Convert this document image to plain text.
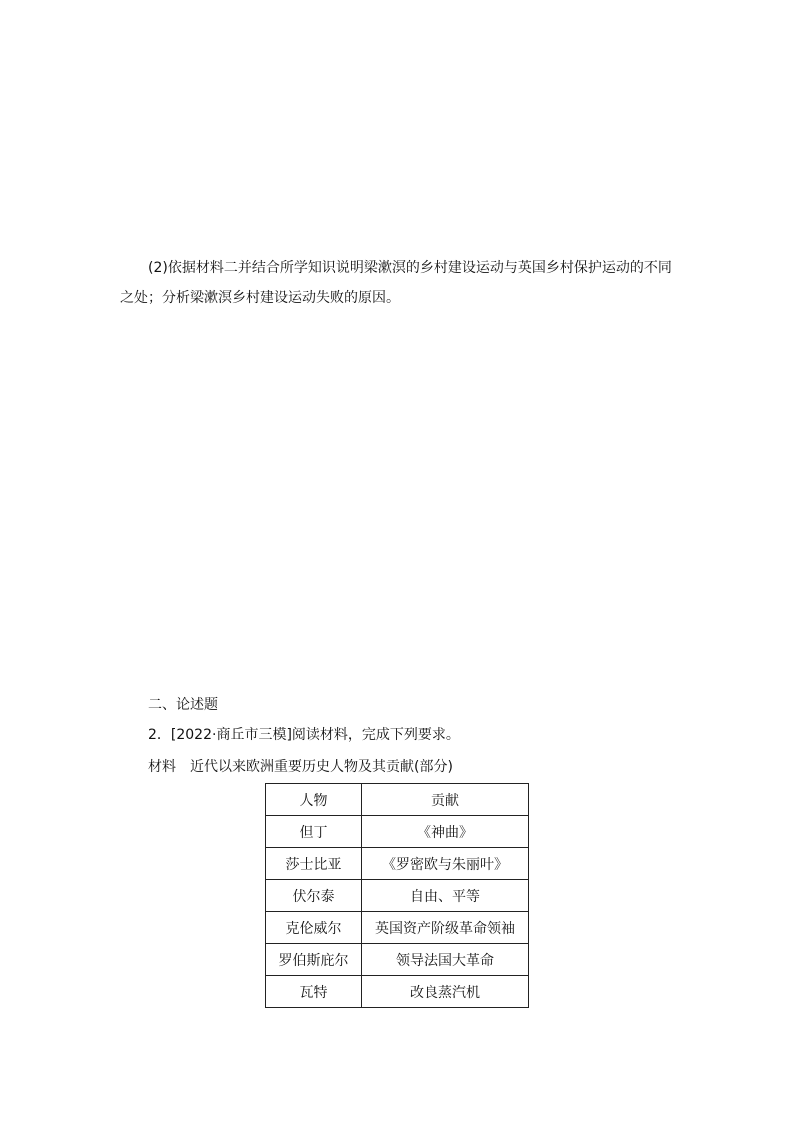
(2)依据材料二并结合所学知识说明梁漱溟的乡村建设运动与英国乡村保护运动的不同
之处；分析梁漱溟乡村建设运动失败的原因。
二、论述题
2．[2022·商丘市三模]阅读材料，完成下列要求。
材料 近代以来欧洲重要历史人物及其贡献(部分)
人物	贡献
但丁	《神曲》
莎士比亚	《罗密欧与朱丽叶》
伏尔泰	自由、平等
克伦威尔	英国资产阶级革命领袖
罗伯斯庇尔	领导法国大革命
瓦特	改良蒸汽机
